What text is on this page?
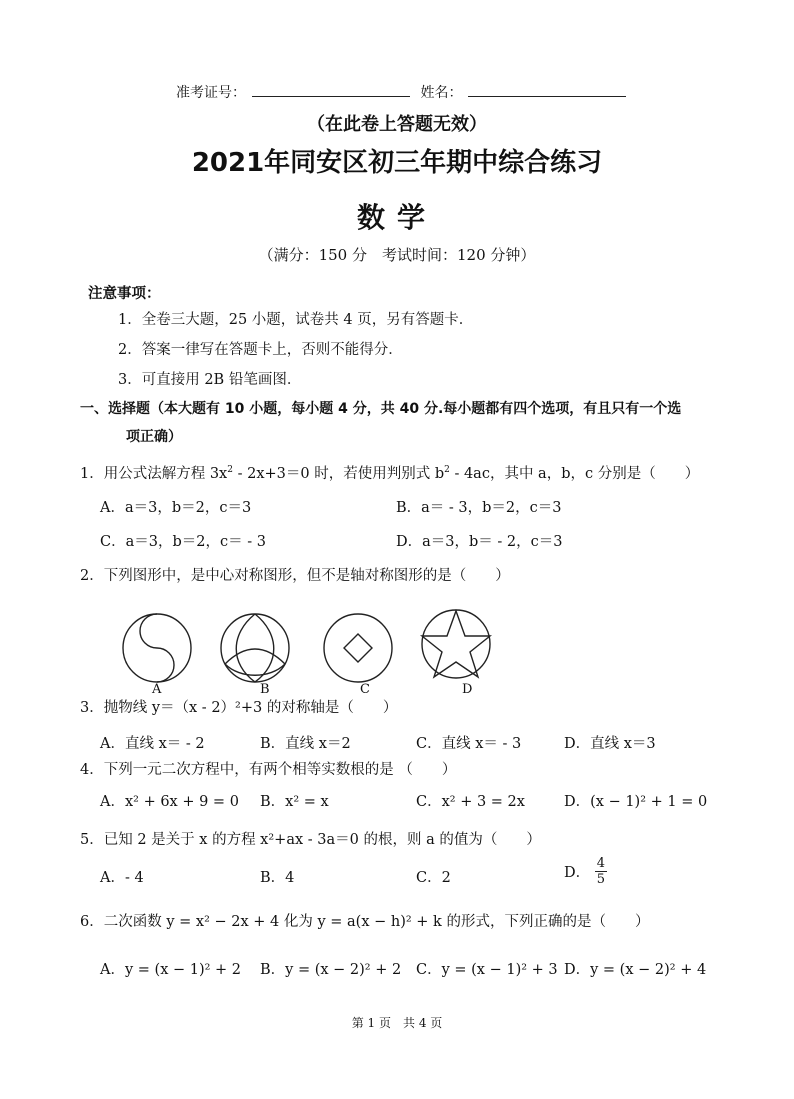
准考证号：	姓名：
（在此卷上答题无效）
2021年同安区初三年期中综合练习
数学
（满分：150 分　考试时间：120 分钟）
注意事项：
1．全卷三大题，25 小题，试卷共 4 页，另有答题卡．
2．答案一律写在答题卡上，否则不能得分．
3．可直接用 2B 铅笔画图．
一、选择题（本大题有 10 小题，每小题 4 分，共 40 分.每小题都有四个选项，有且只有一个选
项正确）
1．用公式法解方程 $3x^2 - 2x+3=0$ 时，若使用判别式 $b^2 - 4ac$，其中 a，b，c 分别是（　　）
A．a＝3，b＝2，c＝3	B．a＝ - 3，b＝2，c＝3
C．a＝3，b＝2，c＝ - 3	D．a＝3，b＝ - 2，c＝3
2．下列图形中，是中心对称图形，但不是轴对称图形的是（　　）
A	B	C	D
3．抛物线 y＝（x - 2）²+3 的对称轴是（　　）
A．直线 x＝ - 2	B．直线 x＝2	C．直线 x＝ - 3	D．直线 x＝3
4．下列一元二次方程中，有两个相等实数根的是 （　　）
A．x² + 6x + 9 = 0 B．x² = x	C．x² + 3 = 2x	D．(x − 1)² + 1 = 0
5．已知 2 是关于 x 的方程 x²+ax - 3a＝0 的根，则 a 的值为（　　）
A．- 4	B．4	C．2	D． $\frac{4}{5}$
6．二次函数 y = x² − 2x + 4 化为 y = a(x − h)² + k 的形式，下列正确的是（　　）
A．y = (x − 1)² + 2 B．y = (x − 2)² + 2 C．y = (x − 1)² + 3 D．y = (x − 2)² + 4
第 1 页　共 4 页
